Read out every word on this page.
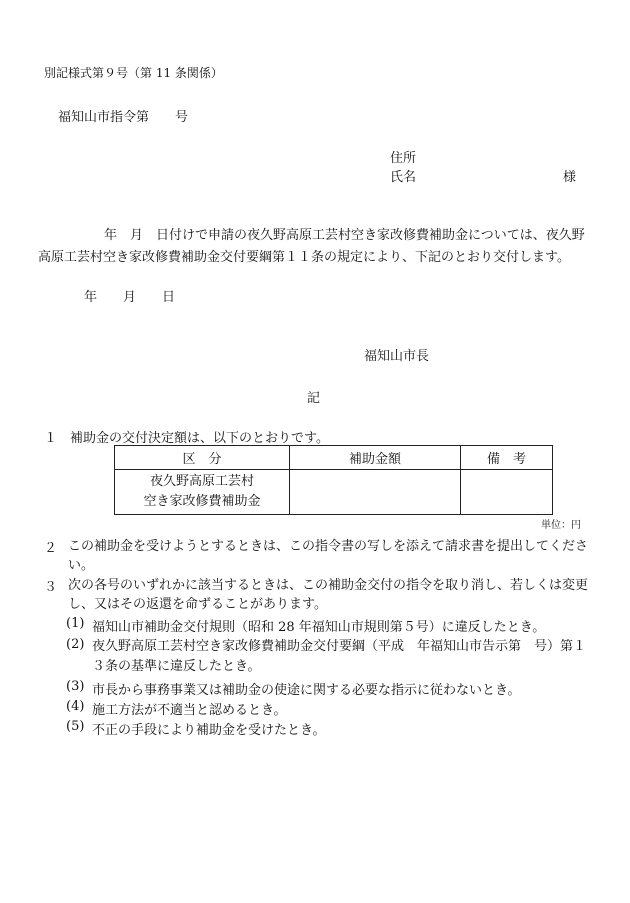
別記様式第９号（第 11 条関係）
福知山市指令第　　号
住所
氏名	様
　　年　月　日付けで申請の夜久野高原工芸村空き家改修費補助金については、夜久野高原工芸村空き家改修費補助金交付要綱第１１条の規定により、下記のとおり交付します。
年　　月　　日
福知山市長
記
１　補助金の交付決定額は、以下のとおりです。
区　分	補助金額	備　考

夜久野高原工芸村
空き家改修費補助金		

単位：円
２ この補助金を受けようとするときは、この指令書の写しを添えて請求書を提出してください。
３ 次の各号のいずれかに該当するときは、この補助金交付の指令を取り消し、若しくは変更し、又はその返還を命ずることがあります。
(1) 福知山市補助金交付規則（昭和 28 年福知山市規則第５号）に違反したとき。
(2) 夜久野高原工芸村空き家改修費補助金交付要綱（平成　年福知山市告示第　号）第１３条の基準に違反したとき。
(3) 市長から事務事業又は補助金の使途に関する必要な指示に従わないとき。
(4) 施工方法が不適当と認めるとき。
(5) 不正の手段により補助金を受けたとき。
